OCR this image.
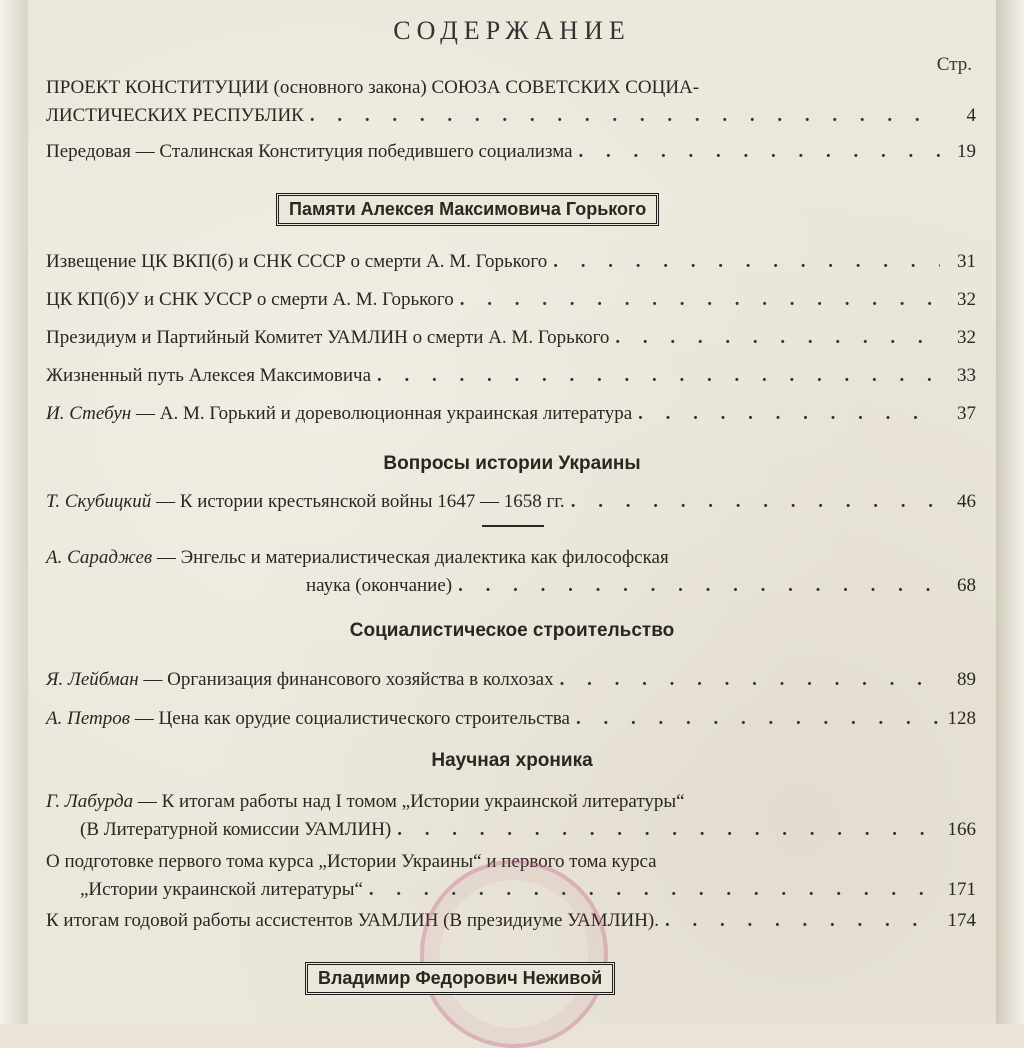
СОДЕРЖАНИЕ
Стр.
ПРОЕКТ КОНСТИТУЦИИ (основного закона) СОЮЗА СОВЕТСКИХ СОЦИА-
ЛИСТИЧЕСКИХ РЕСПУБЛИК . . .	4
Передовая — Сталинская Конституция победившего социализма . . .	19
Памяти Алексея Максимовича Горького
Извещение ЦК ВКП(б) и СНК СССР о смерти А. М. Горького . . .	31
ЦК КП(б)У и СНК УССР о смерти А. М. Горького . . .	32
Президиум и Партийный Комитет УАМЛИН о смерти А. М. Горького . . .	32
Жизненный путь Алексея Максимовича . . .	33
И. Стебун — А. М. Горький и дореволюционная украинская литература . . .	37
Вопросы истории Украины
Т. Скубицкий — К истории крестьянской войны 1647 — 1658 гг. . . .	46
А. Сараджев — Энгельс и материалистическая диалектика как философская
наука (окончание) . . .	68
Социалистическое строительство
Я. Лейбман — Организация финансового хозяйства в колхозах . . .	89
А. Петров — Цена как орудие социалистического строительства . . .	128
Научная хроника
Г. Лабурда — К итогам работы над I томом „Истории украинской литературы“
(В Литературной комиссии УАМЛИН) . . .	166
О подготовке первого тома курса „Истории Украины“ и первого тома курса
„Истории украинской литературы“ . . .	171
К итогам годовой работы ассистентов УАМЛИН (В президиуме УАМЛИН). . . .	174
Владимир Федорович Неживой
